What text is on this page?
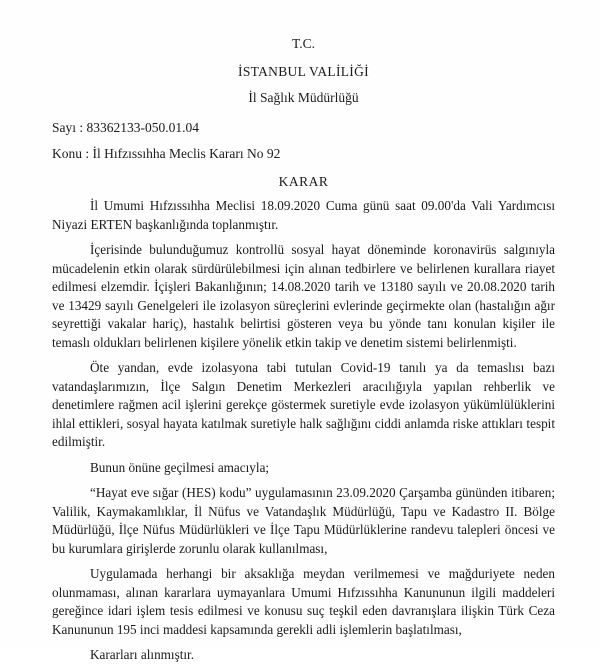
T.C.
İSTANBUL VALİLİĞİ
İl Sağlık Müdürlüğü
Sayı : 83362133-050.01.04
Konu : İl Hıfzıssıhha Meclis Kararı No 92
KARAR

İl Umumi Hıfzıssıhha Meclisi 18.09.2020 Cuma günü saat 09.00'da Vali Yardımcısı Niyazi ERTEN başkanlığında toplanmıştır.

İçerisinde bulunduğumuz kontrollü sosyal hayat döneminde koronavirüs salgınıyla mücadelenin etkin olarak sürdürülebilmesi için alınan tedbirlere ve belirlenen kurallara riayet edilmesi elzemdir. İçişleri Bakanlığının; 14.08.2020 tarih ve 13180 sayılı ve 20.08.2020 tarih ve 13429 sayılı Genelgeleri ile izolasyon süreçlerini evlerinde geçirmekte olan (hastalığın ağır seyrettiği vakalar hariç), hastalık belirtisi gösteren veya bu yönde tanı konulan kişiler ile temaslı oldukları belirlenen kişilere yönelik etkin takip ve denetim sistemi belirlenmişti.

Öte yandan, evde izolasyona tabi tutulan Covid-19 tanılı ya da temaslısı bazı vatandaşlarımızın, İlçe Salgın Denetim Merkezleri aracılığıyla yapılan rehberlik ve denetimlere rağmen acil işlerini gerekçe göstermek suretiyle evde izolasyon yükümlülüklerini ihlal ettikleri, sosyal hayata katılmak suretiyle halk sağlığını ciddi anlamda riske attıkları tespit edilmiştir.

Bunun önüne geçilmesi amacıyla;

“Hayat eve sığar (HES) kodu” uygulamasının 23.09.2020 Çarşamba gününden itibaren; Valilik, Kaymakamlıklar, İl Nüfus ve Vatandaşlık Müdürlüğü, Tapu ve Kadastro II. Bölge Müdürlüğü, İlçe Nüfus Müdürlükleri ve İlçe Tapu Müdürlüklerine randevu talepleri öncesi ve bu kurumlara girişlerde zorunlu olarak kullanılması,

Uygulamada herhangi bir aksaklığa meydan verilmemesi ve mağduriyete neden olunmaması, alınan kararlara uymayanlara Umumi Hıfzıssıhha Kanununun ilgili maddeleri gereğince idari işlem tesis edilmesi ve konusu suç teşkil eden davranışlara ilişkin Türk Ceza Kanununun 195 inci maddesi kapsamında gerekli adli işlemlerin başlatılması,

Kararları alınmıştır.
